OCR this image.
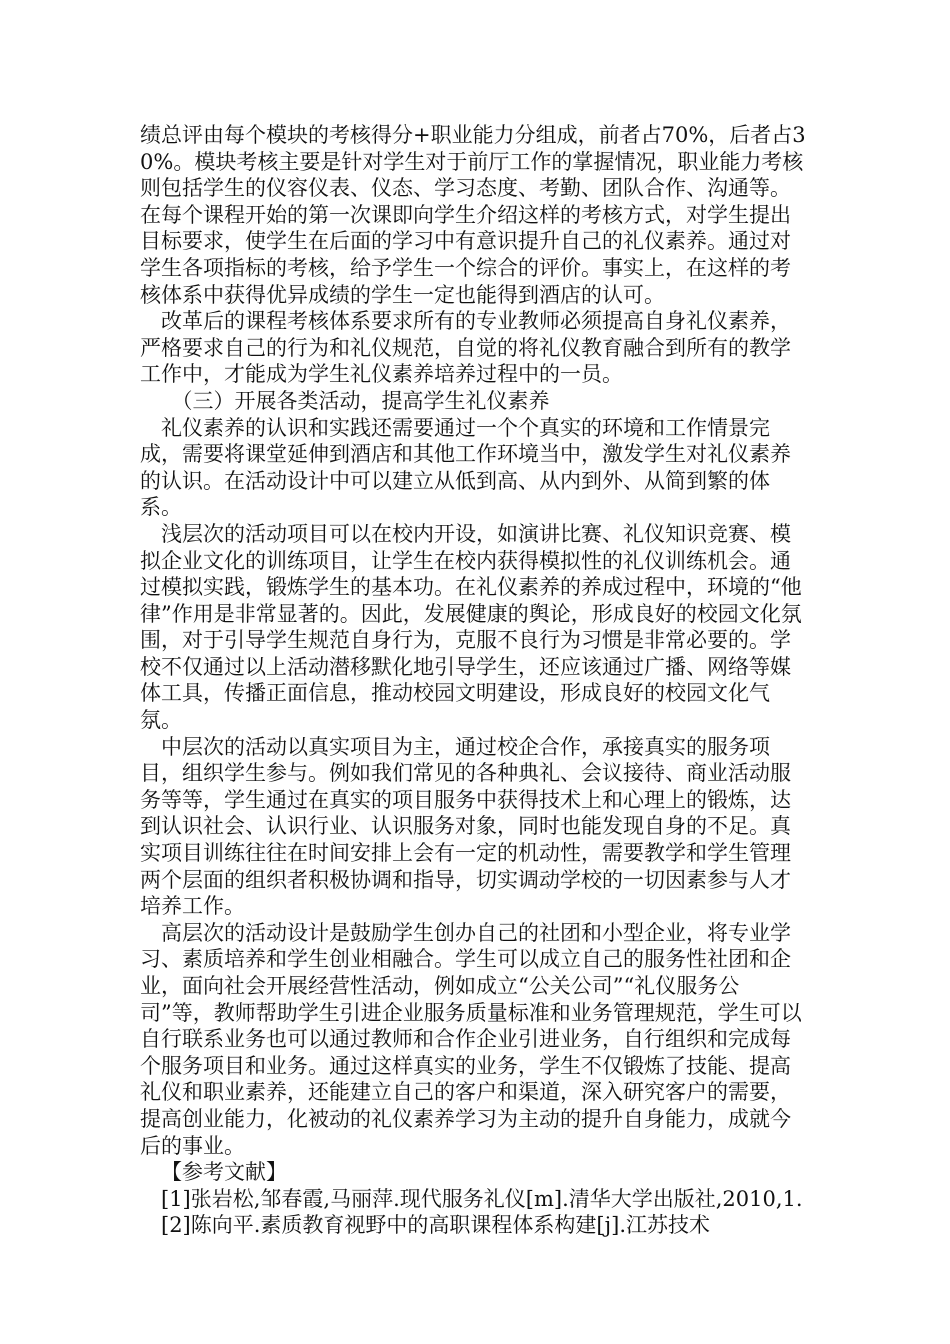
绩总评由每个模块的考核得分+职业能力分组成，前者占70%，后者占30%。模块考核主要是针对学生对于前厅工作的掌握情况，职业能力考核则包括学生的仪容仪表、仪态、学习态度、考勤、团队合作、沟通等。在每个课程开始的第一次课即向学生介绍这样的考核方式，对学生提出目标要求，使学生在后面的学习中有意识提升自己的礼仪素养。通过对学生各项指标的考核，给予学生一个综合的评价。事实上，在这样的考核体系中获得优异成绩的学生一定也能得到酒店的认可。

改革后的课程考核体系要求所有的专业教师必须提高自身礼仪素养，严格要求自己的行为和礼仪规范，自觉的将礼仪教育融合到所有的教学工作中，才能成为学生礼仪素养培养过程中的一员。

（三）开展各类活动，提高学生礼仪素养

礼仪素养的认识和实践还需要通过一个个真实的环境和工作情景完成，需要将课堂延伸到酒店和其他工作环境当中，激发学生对礼仪素养的认识。在活动设计中可以建立从低到高、从内到外、从简到繁的体系。

浅层次的活动项目可以在校内开设，如演讲比赛、礼仪知识竞赛、模拟企业文化的训练项目，让学生在校内获得模拟性的礼仪训练机会。通过模拟实践，锻炼学生的基本功。在礼仪素养的养成过程中，环境的“他律”作用是非常显著的。因此，发展健康的舆论，形成良好的校园文化氛围，对于引导学生规范自身行为，克服不良行为习惯是非常必要的。学校不仅通过以上活动潜移默化地引导学生，还应该通过广播、网络等媒体工具，传播正面信息，推动校园文明建设，形成良好的校园文化气氛。

中层次的活动以真实项目为主，通过校企合作，承接真实的服务项目，组织学生参与。例如我们常见的各种典礼、会议接待、商业活动服务等等，学生通过在真实的项目服务中获得技术上和心理上的锻炼，达到认识社会、认识行业、认识服务对象，同时也能发现自身的不足。真实项目训练往往在时间安排上会有一定的机动性，需要教学和学生管理两个层面的组织者积极协调和指导，切实调动学校的一切因素参与人才培养工作。

高层次的活动设计是鼓励学生创办自己的社团和小型企业，将专业学习、素质培养和学生创业相融合。学生可以成立自己的服务性社团和企业，面向社会开展经营性活动，例如成立“公关公司”“礼仪服务公司”等，教师帮助学生引进企业服务质量标准和业务管理规范，学生可以自行联系业务也可以通过教师和合作企业引进业务，自行组织和完成每个服务项目和业务。通过这样真实的业务，学生不仅锻炼了技能、提高礼仪和职业素养，还能建立自己的客户和渠道，深入研究客户的需要，提高创业能力，化被动的礼仪素养学习为主动的提升自身能力，成就今后的事业。

【参考文献】

[1]张岩松,邹春霞,马丽萍.现代服务礼仪[m].清华大学出版社,2010,1.

[2]陈向平.素质教育视野中的高职课程体系构建[j].江苏技术
